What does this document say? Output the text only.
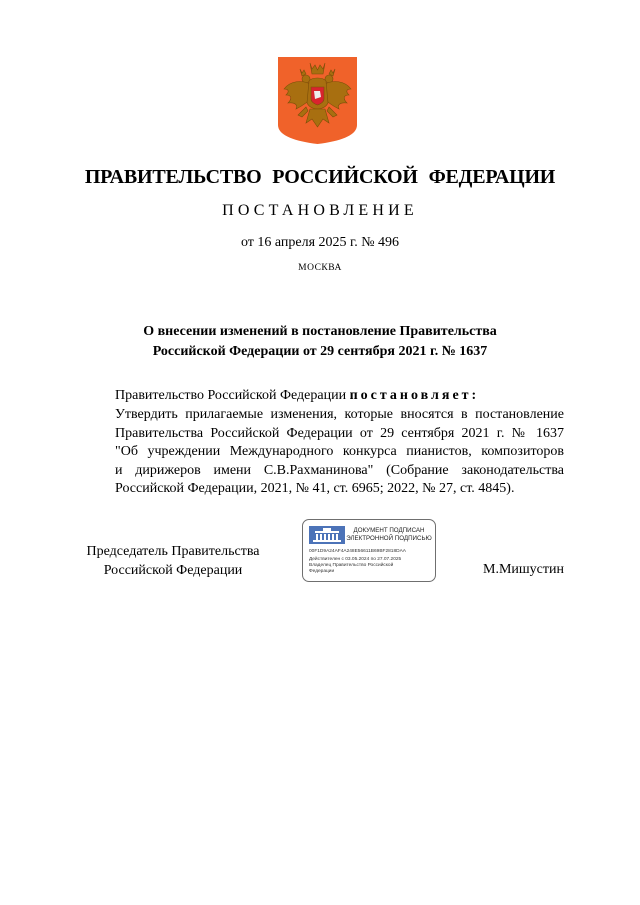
ПРАВИТЕЛЬСТВО РОССИЙСКОЙ ФЕДЕРАЦИИ
ПОСТАНОВЛЕНИЕ
от 16 апреля 2025 г. № 496
МОСКВА
О внесении изменений в постановление Правительства
Российской Федерации от 29 сентября 2021 г. № 1637
Правительство Российской Федерации постановляет:
Утвердить прилагаемые изменения, которые вносятся в постановление
Правительства Российской Федерации от 29 сентября 2021 г. № 1637
"Об учреждении Международного конкурса пианистов, композиторов
и дирижеров имени С.В.Рахманинова" (Собрание законодательства
Российской Федерации, 2021, № 41, ст. 6965; 2022, № 27, ст. 4845).
Председатель Правительства
Российской Федерации
ДОКУМЕНТ ПОДПИСАН
ЭЛЕКТРОННОЙ ПОДПИСЬЮ
00F1D9A24AF4A248E56611B69BF2818DAA
Действителен с 03.05.2024 по 27.07.2025
Владелец Правительство Российской
Федерации	М.Мишустин
